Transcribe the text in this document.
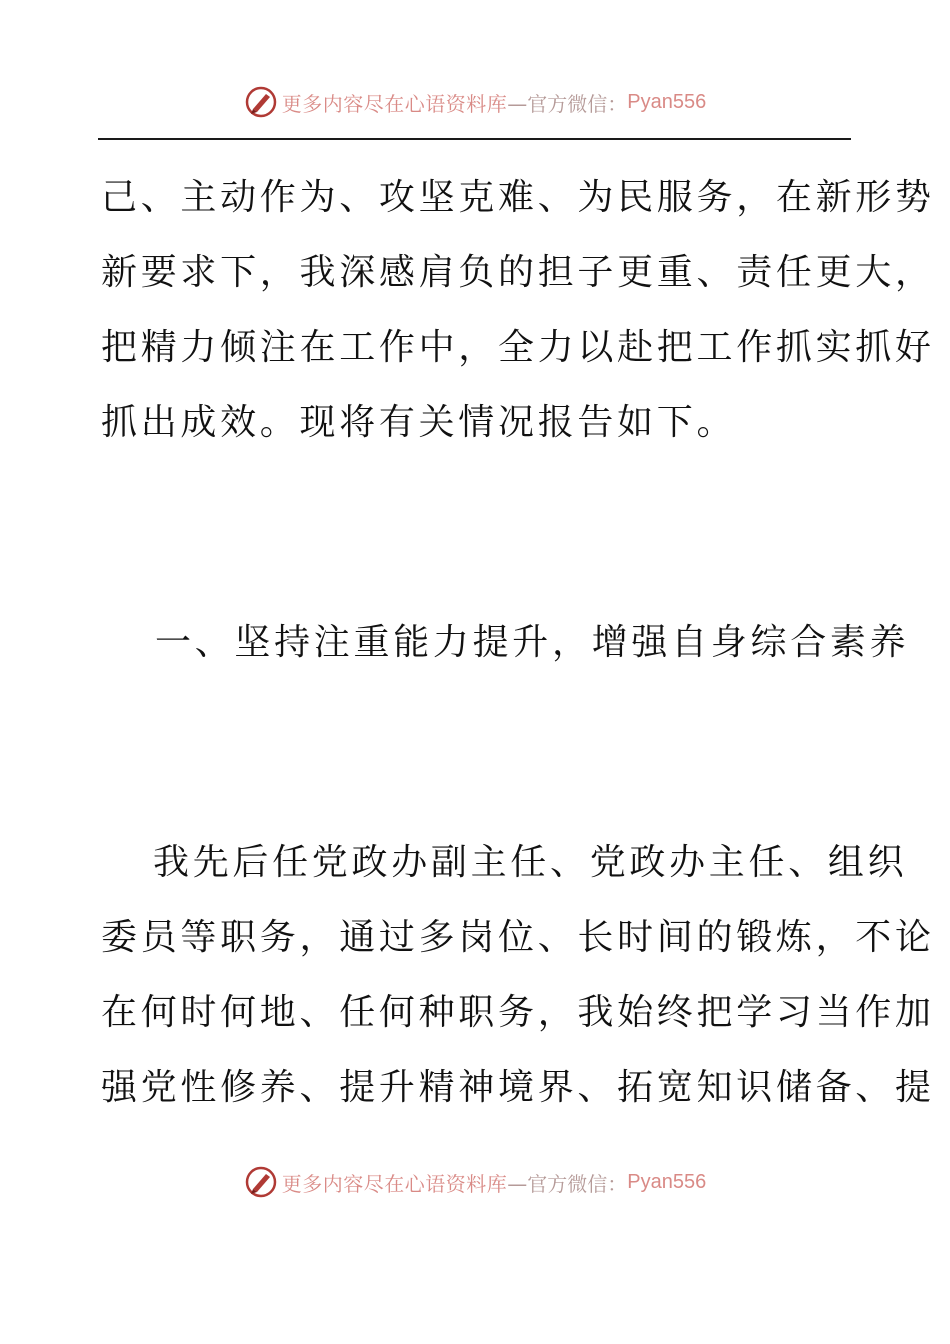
更多内容尽在心语资料库 —官方微信： Pyan556
己、主动作为、攻坚克难、为民服务，在新形势
新要求下，我深感肩负的担子更重、责任更大，
把精力倾注在工作中，全力以赴把工作抓实抓好
抓出成效。现将有关情况报告如下。
一、坚持注重能力提升，增强自身综合素养
我先后任党政办副主任、党政办主任、组织
委员等职务，通过多岗位、长时间的锻炼，不论
在何时何地、任何种职务，我始终把学习当作加
强党性修养、提升精神境界、拓宽知识储备、提
更多内容尽在心语资料库 —官方微信： Pyan556
